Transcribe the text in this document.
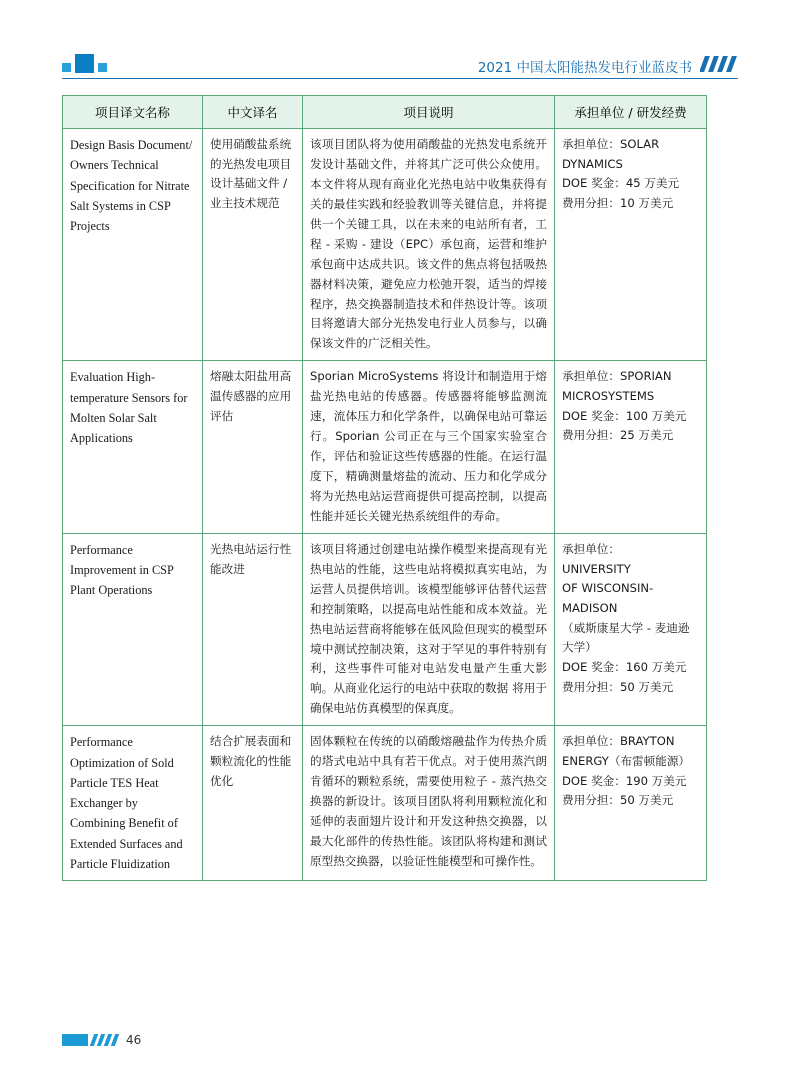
2021 中国太阳能热发电行业蓝皮书
项目译文名称	中文译名	项目说明	承担单位 / 研发经费
Design Basis Document/ Owners Technical Specification for Nitrate Salt Systems in CSP Projects	使用硝酸盐系统的光热发电项目设计基础文件 / 业主技术规范	该项目团队将为使用硝酸盐的光热发电系统开发设计基础文件，并将其广泛可供公众使用。本文件将从现有商业化光热电站中收集获得有关的最佳实践和经验教训等关键信息，并将提供一个关键工具，以在未来的电站所有者，工程 - 采购 - 建设（EPC）承包商，运营和维护承包商中达成共识。该文件的焦点将包括吸热器材料决策，避免应力松弛开裂，适当的焊接程序，热交换器制造技术和伴热设计等。该项目将邀请大部分光热发电行业人员参与，以确保该文件的广泛相关性。	
承担单位：SOLAR
DYNAMICS
DOE 奖金：45 万美元
费用分担：10 万美元

Evaluation High-temperature Sensors for Molten Solar Salt Applications	熔融太阳盐用高温传感器的应用评估	Sporian MicroSystems 将设计和制造用于熔盐光热电站的传感器。传感器将能够监测流速，流体压力和化学条件，以确保电站可靠运行。Sporian 公司正在与三个国家实验室合作，评估和验证这些传感器的性能。在运行温度下，精确测量熔盐的流动、压力和化学成分将为光热电站运营商提供可提高控制，以提高性能并延长关键光热系统组件的寿命。	承担单位：SPORIAN
MICROSYSTEMS
DOE 奖金：100 万美元
费用分担：25 万美元

Performance Improvement in CSP Plant Operations	光热电站运行性能改进	该项目将通过创建电站操作模型来提高现有光热电站的性能，这些电站将模拟真实电站，为运营人员提供培训。该模型能够评估替代运营和控制策略，以提高电站性能和成本效益。光热电站运营商将能够在低风险但现实的模型环境中测试控制决策，这对于罕见的事件特别有利，这些事件可能对电站发电量产生重大影响。从商业化运行的电站中获取的数据 将用于确保电站仿真模型的保真度。	
承担单位：
UNIVERSITY
OF WISCONSIN-
MADISON
（威斯康星大学 - 麦迪逊大学）
DOE 奖金：160 万美元
费用分担：50 万美元

Performance Optimization of Sold Particle TES Heat Exchanger by Combining Benefit of Extended Surfaces and Particle Fluidization	结合扩展表面和颗粒流化的性能优化	固体颗粒在传统的以硝酸熔融盐作为传热介质的塔式电站中具有若干优点。对于使用蒸汽朗肯循环的颗粒系统，需要使用粒子 - 蒸汽热交换器的新设计。该项目团队将利用颗粒流化和延伸的表面翅片设计和开发这种热交换器，以最大化部件的传热性能。该团队将构建和测试原型热交换器，以验证性能模型和可操作性。	承担单位：BRAYTON
ENERGY（布雷顿能源）
DOE 奖金：190 万美元
费用分担：50 万美元
46
